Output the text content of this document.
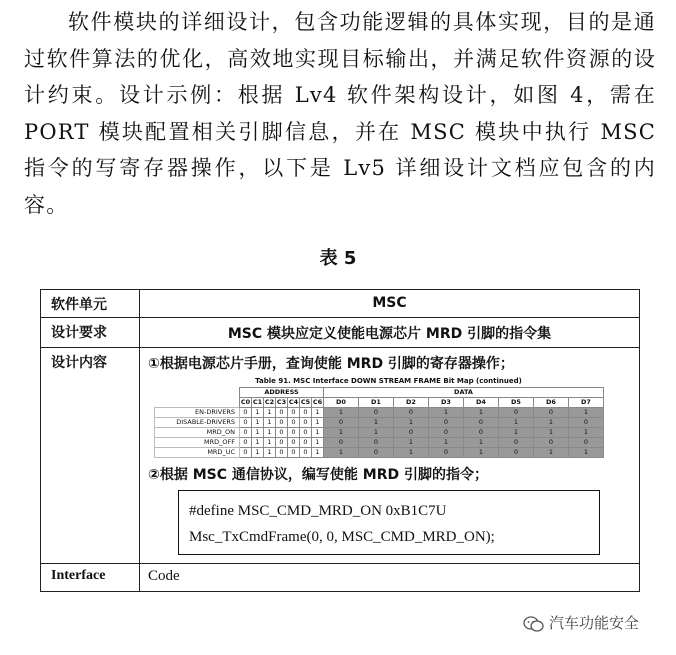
软件模块的详细设计，包含功能逻辑的具体实现，目的是通过软件算法的优化，高效地实现目标输出，并满足软件资源的设计约束。设计示例：根据 Lv4 软件架构设计，如图 4，需在 PORT 模块配置相关引脚信息，并在 MSC 模块中执行 MSC 指令的写寄存器操作，以下是 Lv5 详细设计文档应包含的内容。

表 5
软件单元	MSC
设计要求	MSC 模块应定义使能电源芯片 MRD 引脚的指令集
设计内容	①根据电源芯片手册，查询使能 MRD 引脚的寄存器操作；
Table 91. MSC Interface DOWN STREAM FRAME Bit Map (continued)
	ADDRESS	DATA
	C0	C1	C2	C3	C4	C5	C6	D0	D1	D2	D3	D4	D5	D6	D7
EN-DRIVERS	0	1	1	0	0	0	1	1	0	0	1	1	0	0	1
DISABLE-DRIVERS	0	1	1	0	0	0	1	0	1	1	0	0	1	1	0
MRD_ON	0	1	1	0	0	0	1	1	1	0	0	0	1	1	1
MRD_OFF	0	1	1	0	0	0	1	0	0	1	1	1	0	0	0
MRD_UC	0	1	1	0	0	0	1	1	0	1	0	1	0	1	1
②根据 MSC 通信协议，编写使能 MRD 引脚的指令；
#define MSC_CMD_MRD_ON 0xB1C7U
Msc_TxCmdFrame(0, 0, MSC_CMD_MRD_ON);

Interface	Code
汽车功能安全
